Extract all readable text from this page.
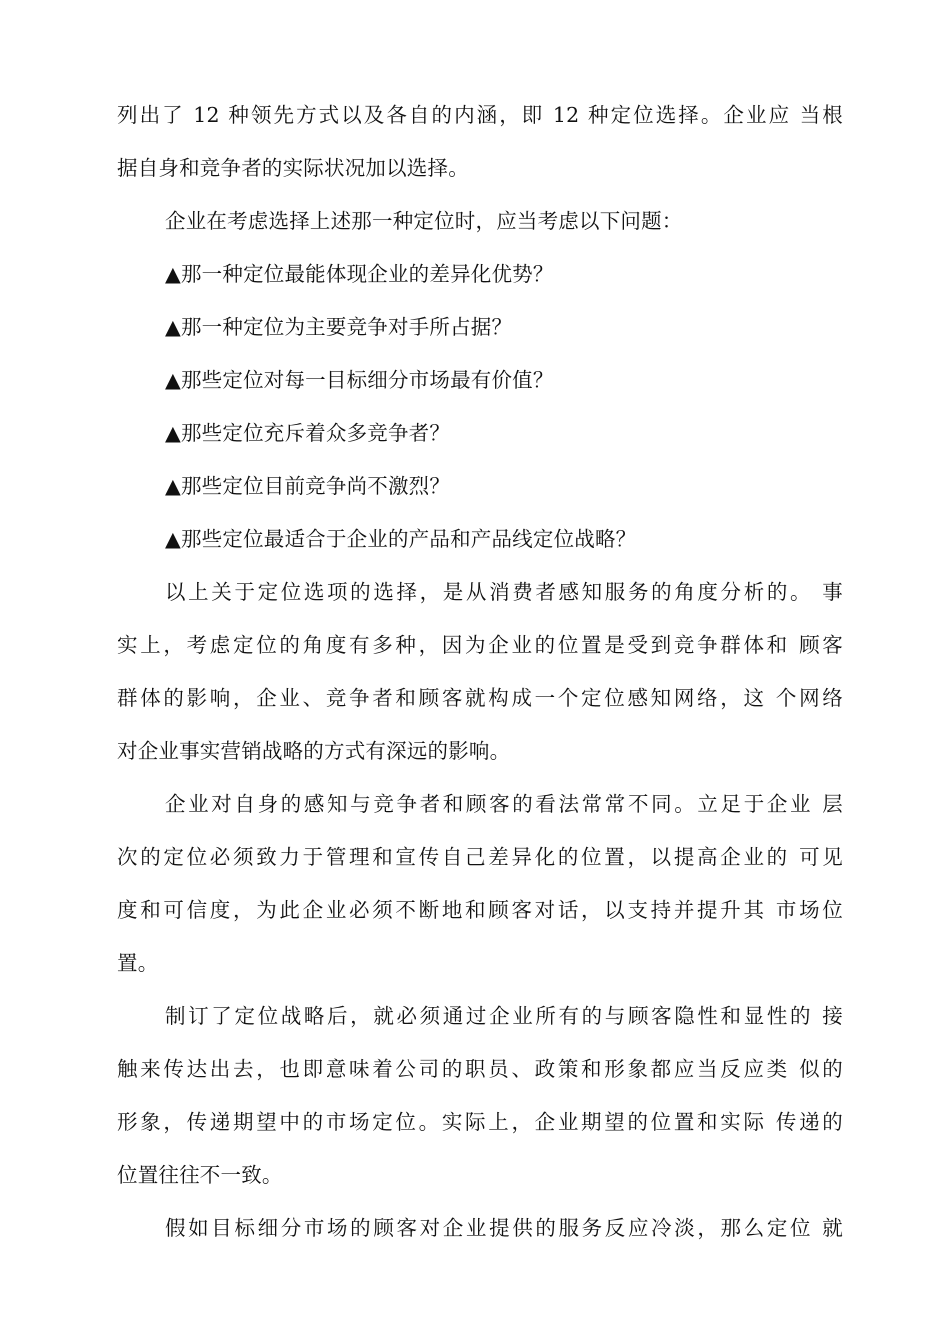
列出了 12 种领先方式以及各自的内涵，即 12 种定位选择。企业应 当根
据自身和竞争者的实际状况加以选择。
企业在考虑选择上述那一种定位时，应当考虑以下问题：
▲那一种定位最能体现企业的差异化优势？
▲那一种定位为主要竞争对手所占据？
▲那些定位对每一目标细分市场最有价值？
▲那些定位充斥着众多竞争者？
▲那些定位目前竞争尚不激烈？
▲那些定位最适合于企业的产品和产品线定位战略？
以上关于定位选项的选择，是从消费者感知服务的角度分析的。 事
实上，考虑定位的角度有多种，因为企业的位置是受到竞争群体和 顾客
群体的影响，企业、竞争者和顾客就构成一个定位感知网络，这 个网络
对企业事实营销战略的方式有深远的影响。
企业对自身的感知与竞争者和顾客的看法常常不同。立足于企业 层
次的定位必须致力于管理和宣传自己差异化的位置，以提高企业的 可见
度和可信度，为此企业必须不断地和顾客对话，以支持并提升其 市场位
置。
制订了定位战略后，就必须通过企业所有的与顾客隐性和显性的 接
触来传达出去，也即意味着公司的职员、政策和形象都应当反应类 似的
形象，传递期望中的市场定位。实际上，企业期望的位置和实际 传递的
位置往往不一致。
假如目标细分市场的顾客对企业提供的服务反应冷淡，那么定位 就
